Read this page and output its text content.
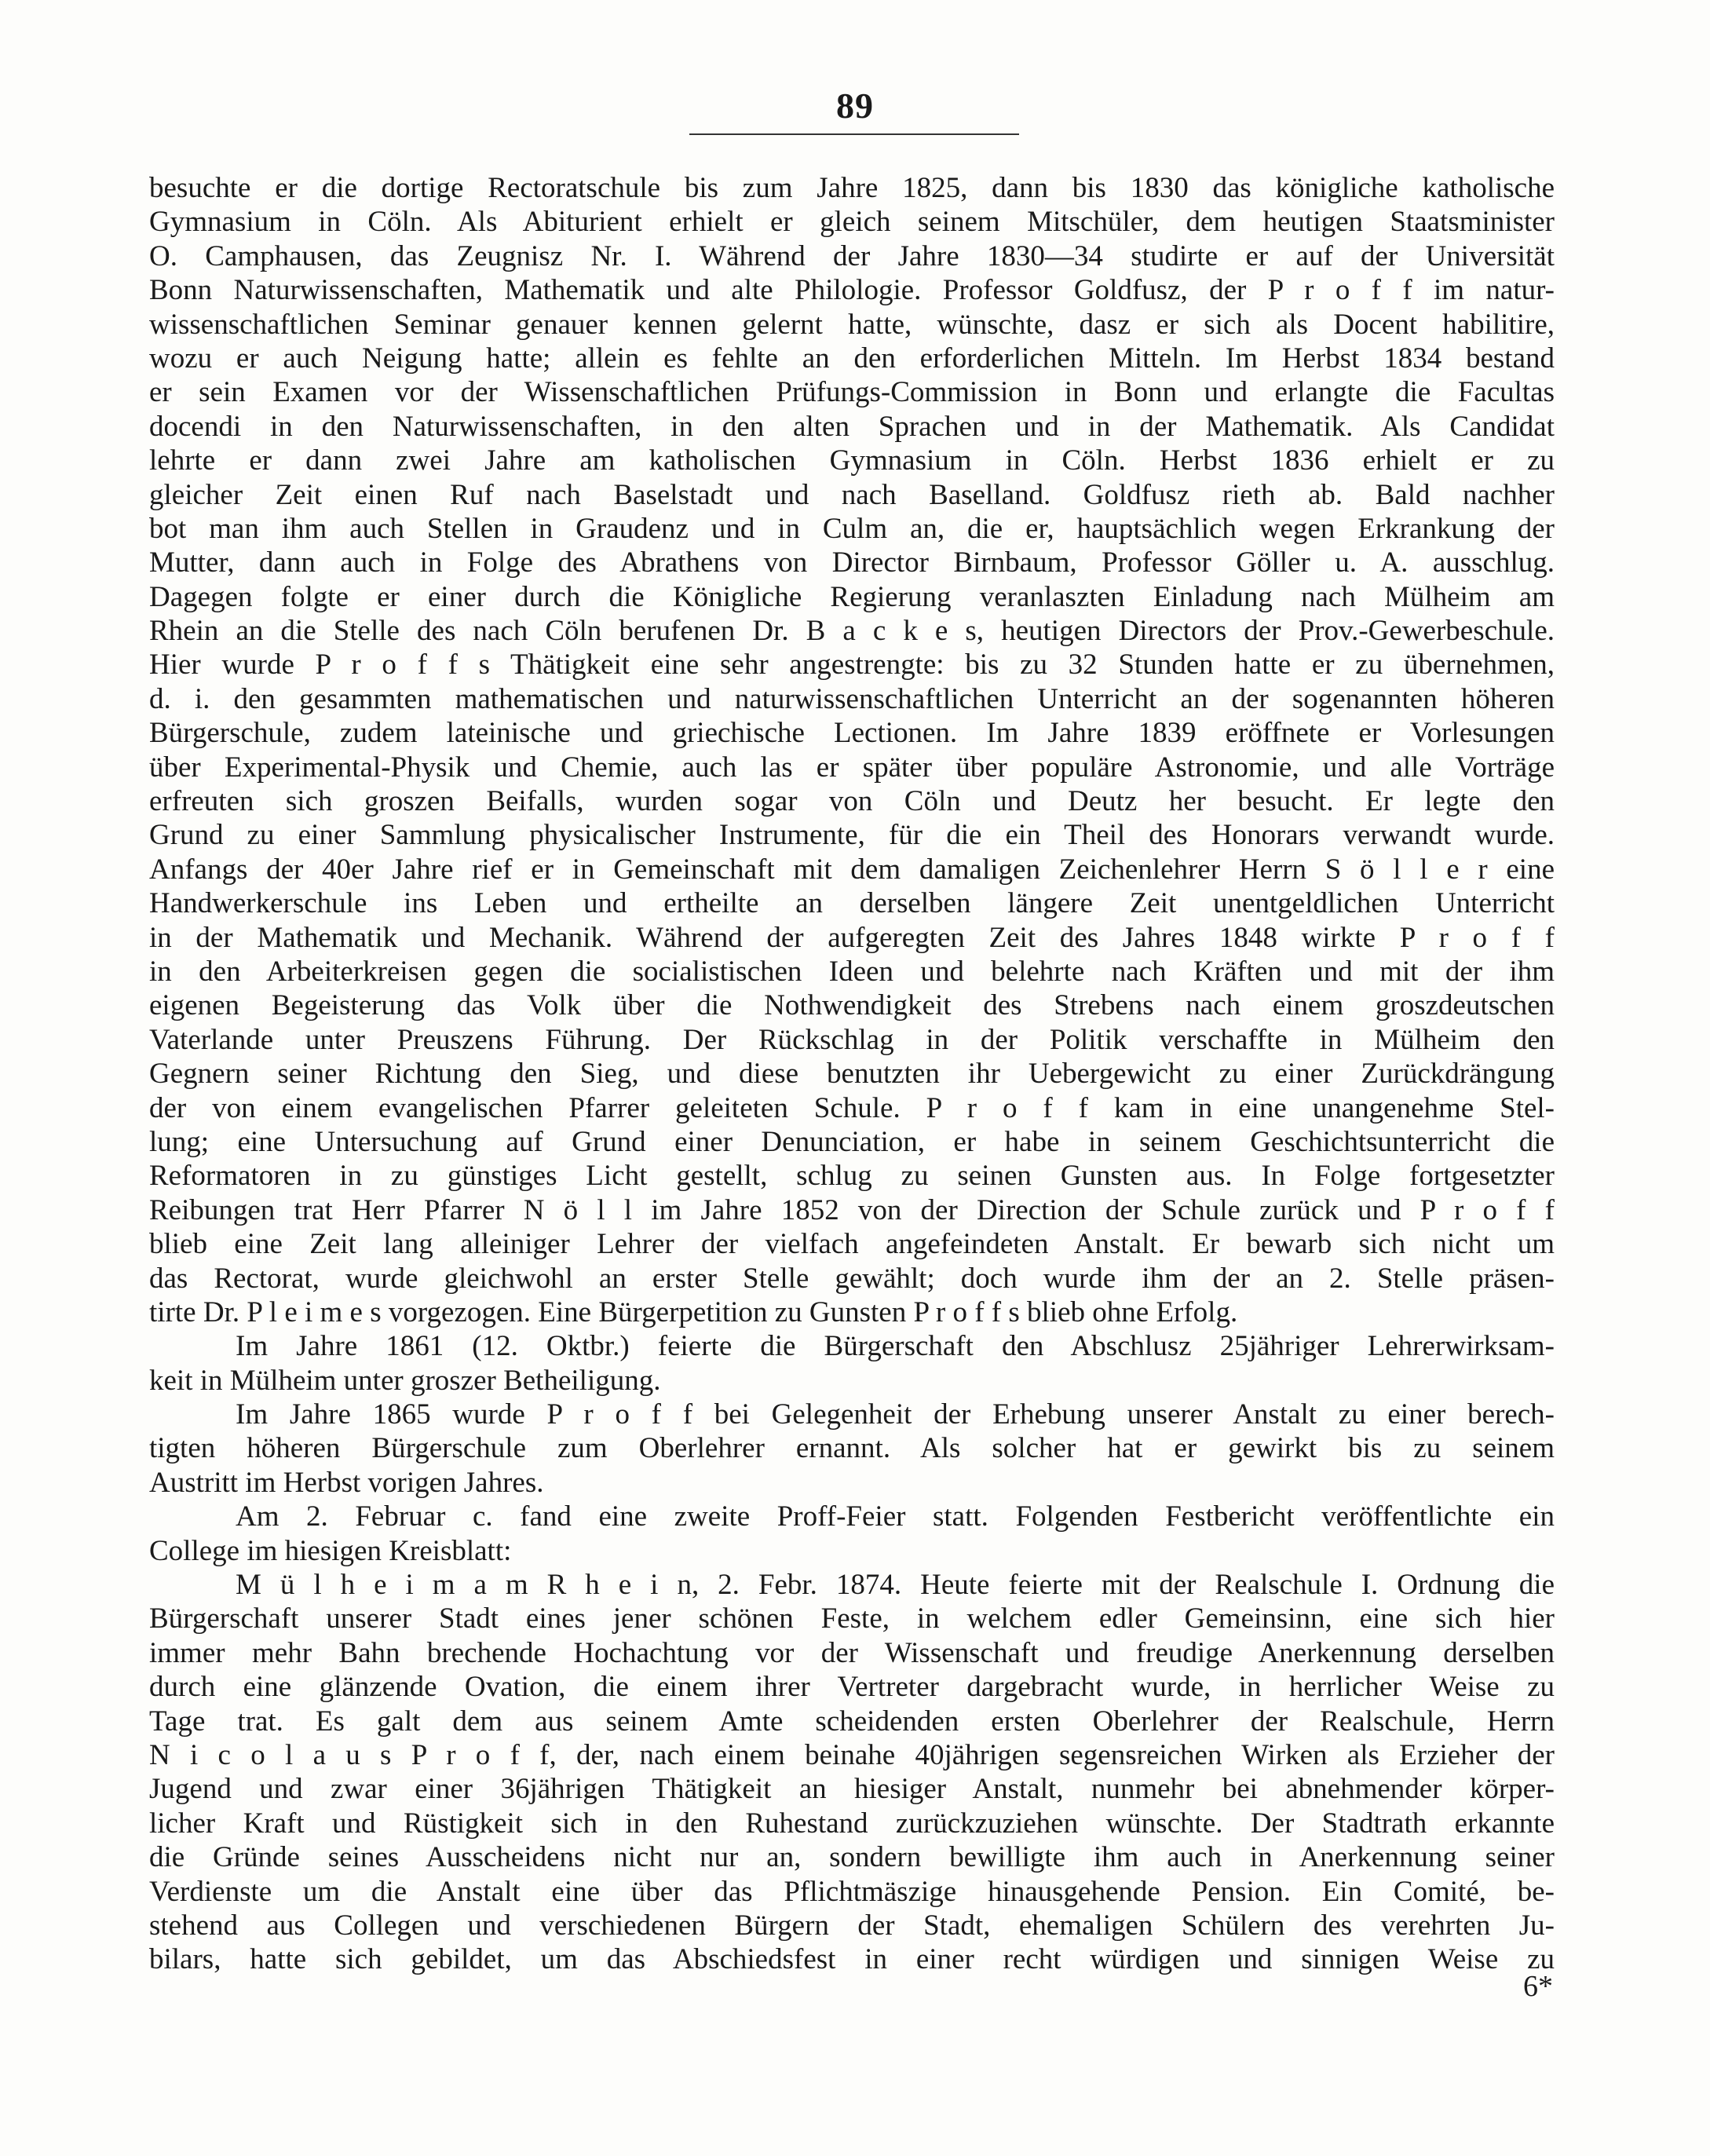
89
besuchte er die dortige Rectoratschule bis zum Jahre 1825, dann bis 1830 das königliche katholische
Gymnasium in Cöln. Als Abiturient erhielt er gleich seinem Mitschüler, dem heutigen Staatsminister
O. Camphausen, das Zeugnisz Nr. I. Während der Jahre 1830—34 studirte er auf der Universität
Bonn Naturwissenschaften, Mathematik und alte Philologie. Professor Goldfusz, der P r o f f im natur-
wissenschaftlichen Seminar genauer kennen gelernt hatte, wünschte, dasz er sich als Docent habilitire,
wozu er auch Neigung hatte; allein es fehlte an den erforderlichen Mitteln. Im Herbst 1834 bestand
er sein Examen vor der Wissenschaftlichen Prüfungs-Commission in Bonn und erlangte die Facultas
docendi in den Naturwissenschaften, in den alten Sprachen und in der Mathematik. Als Candidat
lehrte er dann zwei Jahre am katholischen Gymnasium in Cöln. Herbst 1836 erhielt er zu
gleicher Zeit einen Ruf nach Baselstadt und nach Baselland. Goldfusz rieth ab. Bald nachher
bot man ihm auch Stellen in Graudenz und in Culm an, die er, hauptsächlich wegen Erkrankung der
Mutter, dann auch in Folge des Abrathens von Director Birnbaum, Professor Göller u. A. ausschlug.
Dagegen folgte er einer durch die Königliche Regierung veranlaszten Einladung nach Mülheim am
Rhein an die Stelle des nach Cöln berufenen Dr. B a c k e s, heutigen Directors der Prov.-Gewerbeschule.
Hier wurde P r o f f s Thätigkeit eine sehr angestrengte: bis zu 32 Stunden hatte er zu übernehmen,
d. i. den gesammten mathematischen und naturwissenschaftlichen Unterricht an der sogenannten höheren
Bürgerschule, zudem lateinische und griechische Lectionen. Im Jahre 1839 eröffnete er Vorlesungen
über Experimental-Physik und Chemie, auch las er später über populäre Astronomie, und alle Vorträge
erfreuten sich groszen Beifalls, wurden sogar von Cöln und Deutz her besucht. Er legte den
Grund zu einer Sammlung physicalischer Instrumente, für die ein Theil des Honorars verwandt wurde.
Anfangs der 40er Jahre rief er in Gemeinschaft mit dem damaligen Zeichenlehrer Herrn S ö l l e r eine
Handwerkerschule ins Leben und ertheilte an derselben längere Zeit unentgeldlichen Unterricht
in der Mathematik und Mechanik. Während der aufgeregten Zeit des Jahres 1848 wirkte P r o f f
in den Arbeiterkreisen gegen die socialistischen Ideen und belehrte nach Kräften und mit der ihm
eigenen Begeisterung das Volk über die Nothwendigkeit des Strebens nach einem groszdeutschen
Vaterlande unter Preuszens Führung. Der Rückschlag in der Politik verschaffte in Mülheim den
Gegnern seiner Richtung den Sieg, und diese benutzten ihr Uebergewicht zu einer Zurückdrängung
der von einem evangelischen Pfarrer geleiteten Schule. P r o f f kam in eine unangenehme Stel-
lung; eine Untersuchung auf Grund einer Denunciation, er habe in seinem Geschichtsunterricht die
Reformatoren in zu günstiges Licht gestellt, schlug zu seinen Gunsten aus. In Folge fortgesetzter
Reibungen trat Herr Pfarrer N ö l l im Jahre 1852 von der Direction der Schule zurück und P r o f f
blieb eine Zeit lang alleiniger Lehrer der vielfach angefeindeten Anstalt. Er bewarb sich nicht um
das Rectorat, wurde gleichwohl an erster Stelle gewählt; doch wurde ihm der an 2. Stelle präsen-
tirte Dr. P l e i m e s vorgezogen. Eine Bürgerpetition zu Gunsten P r o f f s blieb ohne Erfolg.
Im Jahre 1861 (12. Oktbr.) feierte die Bürgerschaft den Abschlusz 25jähriger Lehrerwirksam-
keit in Mülheim unter groszer Betheiligung.
Im Jahre 1865 wurde P r o f f bei Gelegenheit der Erhebung unserer Anstalt zu einer berech-
tigten höheren Bürgerschule zum Oberlehrer ernannt. Als solcher hat er gewirkt bis zu seinem
Austritt im Herbst vorigen Jahres.
Am 2. Februar c. fand eine zweite Proff-Feier statt. Folgenden Festbericht veröffentlichte ein
College im hiesigen Kreisblatt:
M ü l h e i m a m R h e i n, 2. Febr. 1874. Heute feierte mit der Realschule I. Ordnung die
Bürgerschaft unserer Stadt eines jener schönen Feste, in welchem edler Gemeinsinn, eine sich hier
immer mehr Bahn brechende Hochachtung vor der Wissenschaft und freudige Anerkennung derselben
durch eine glänzende Ovation, die einem ihrer Vertreter dargebracht wurde, in herrlicher Weise zu
Tage trat. Es galt dem aus seinem Amte scheidenden ersten Oberlehrer der Realschule, Herrn
N i c o l a u s P r o f f, der, nach einem beinahe 40jährigen segensreichen Wirken als Erzieher der
Jugend und zwar einer 36jährigen Thätigkeit an hiesiger Anstalt, nunmehr bei abnehmender körper-
licher Kraft und Rüstigkeit sich in den Ruhestand zurückzuziehen wünschte. Der Stadtrath erkannte
die Gründe seines Ausscheidens nicht nur an, sondern bewilligte ihm auch in Anerkennung seiner
Verdienste um die Anstalt eine über das Pflichtmäszige hinausgehende Pension. Ein Comité, be-
stehend aus Collegen und verschiedenen Bürgern der Stadt, ehemaligen Schülern des verehrten Ju-
bilars, hatte sich gebildet, um das Abschiedsfest in einer recht würdigen und sinnigen Weise zu
6*
